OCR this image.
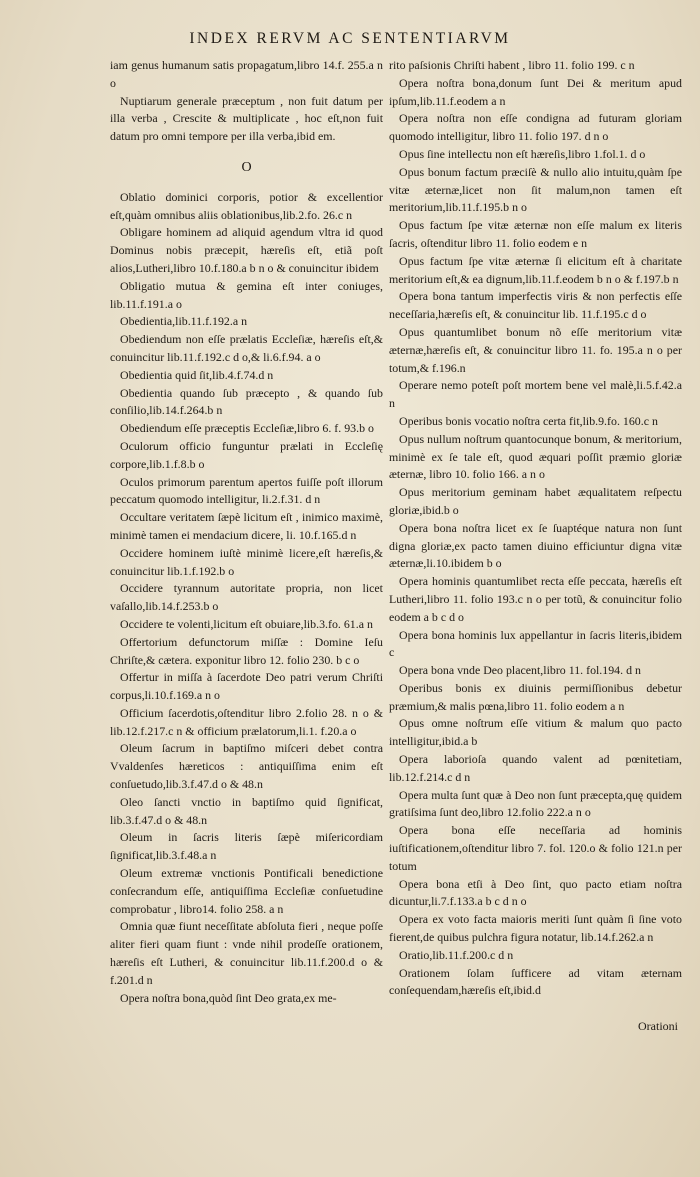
INDEX RERVM AC SENTENTIARVM

iam genus humanum satis propagatum,libro 14.f. 255.a n o

Nuptiarum generale præceptum , non fuit datum per illa verba , Crescite & multiplicate , hoc eſt,non fuit datum pro omni tempore per illa verba,ibid em.

O

Oblatio dominici corporis, potior & excellentior eſt,quàm omnibus aliis oblationibus,lib.2.fo. 26.c n

Obligare hominem ad aliquid agendum vltra id quod Dominus nobis præcepit, hæreſis eſt, etiã poſt alios,Lutheri,libro 10.f.180.a b n o & conuincitur ibidem

Obligatio mutua & gemina eſt inter coniuges, lib.11.f.191.a o

Obedientia,lib.11.f.192.a n

Obediendum non eſſe prælatis Eccleſiæ, hæreſis eſt,& conuincitur lib.11.f.192.c d o,& li.6.f.94. a o

Obedientia quid ſit,lib.4.f.74.d n

Obedientia quando ſub præcepto , & quando ſub conſilio,lib.14.f.264.b n

Obediendum eſſe præceptis Eccleſiæ,libro 6. f. 93.b o

Oculorum officio funguntur prælati in Eccleſię corpore,lib.1.f.8.b o

Oculos primorum parentum apertos fuiſſe poſt illorum peccatum quomodo intelligitur, li.2.f.31. d n

Occultare veritatem ſæpè licitum eſt , inimico maximè, minimè tamen ei mendacium dicere, li. 10.f.165.d n

Occidere hominem iuſtè minimè licere,eſt hæreſis,& conuincitur lib.1.f.192.b o

Occidere tyrannum autoritate propria, non licet vaſallo,lib.14.f.253.b o

Occidere te volenti,licitum eſt obuiare,lib.3.fo. 61.a n

Offertorium defunctorum miſſæ : Domine Ieſu Chriſte,& cætera. exponitur libro 12. folio 230. b c o

Offertur in miſſa à ſacerdote Deo patri verum Chriſti corpus,li.10.f.169.a n o

Officium ſacerdotis,oſtenditur libro 2.folio 28. n o & lib.12.f.217.c n & officium prælatorum,li.1. f.20.a o

Oleum ſacrum in baptiſmo miſceri debet contra Vvaldenſes hæreticos : antiquiſſima enim eſt conſuetudo,lib.3.f.47.d o & 48.n

Oleo ſancti vnctio in baptiſmo quid ſignificat, lib.3.f.47.d o & 48.n

Oleum in ſacris literis ſæpè miſericordiam ſignificat,lib.3.f.48.a n

Oleum extremæ vnctionis Pontificali benedictione conſecrandum eſſe, antiquiſſima Eccleſiæ conſuetudine comprobatur , libro14. folio 258. a n

Omnia quæ fiunt neceſſitate abſoluta fieri , neque poſſe aliter fieri quam fiunt : vnde nihil prodeſſe orationem, hæreſis eſt Lutheri, & conuincitur lib.11.f.200.d o & f.201.d n

Opera noſtra bona,quòd ſint Deo grata,ex me-

rito paſsionis Chriſti habent , libro 11. folio 199. c n

Opera noſtra bona,donum ſunt Dei & meritum apud ipſum,lib.11.f.eodem a n

Opera noſtra non eſſe condigna ad futuram gloriam quomodo intelligitur, libro 11. folio 197. d n o

Opus ſine intellectu non eſt hæreſis,libro 1.fol.1. d o

Opus bonum factum præciſè & nullo alio intuitu,quàm ſpe vitæ æternæ,licet non ſit malum,non tamen eſt meritorium,lib.11.f.195.b n o

Opus factum ſpe vitæ æternæ non eſſe malum ex literis ſacris, oſtenditur libro 11. folio eodem e n

Opus factum ſpe vitæ æternæ ſi elicitum eſt à charitate meritorium eſt,& ea dignum,lib.11.f.eodem b n o & f.197.b n

Opera bona tantum imperfectis viris & non perfectis eſſe neceſſaria,hæreſis eſt, & conuincitur lib. 11.f.195.c d o

Opus quantumlibet bonum nõ eſſe meritorium vitæ æternæ,hæreſis eſt, & conuincitur libro 11. fo. 195.a n o per totum,& f.196.n

Operare nemo poteſt poſt mortem bene vel malè,li.5.f.42.a n

Operibus bonis vocatio noſtra certa fit,lib.9.fo. 160.c n

Opus nullum noſtrum quantocunque bonum, & meritorium, minimè ex ſe tale eſt, quod æquari poſſit præmio gloriæ æternæ, libro 10. folio 166. a n o

Opus meritorium geminam habet æqualitatem reſpectu gloriæ,ibid.b o

Opera bona noſtra licet ex ſe ſuaptéque natura non ſunt digna gloriæ,ex pacto tamen diuino efficiuntur digna vitæ æternæ,li.10.ibidem b o

Opera hominis quantumlibet recta eſſe peccata, hæreſis eſt Lutheri,libro 11. folio 193.c n o per totũ, & conuincitur folio eodem a b c d o

Opera bona hominis lux appellantur in ſacris literis,ibidem c

Opera bona vnde Deo placent,libro 11. fol.194. d n

Operibus bonis ex diuinis permiſſionibus debetur præmium,& malis pœna,libro 11. folio eodem a n

Opus omne noſtrum eſſe vitium & malum quo pacto intelligitur,ibid.a b

Opera laborioſa quando valent ad pœnitetiam, lib.12.f.214.c d n

Opera multa ſunt quæ à Deo non ſunt præcepta,quę quidem gratiſsima ſunt deo,libro 12.folio 222.a n o

Opera bona eſſe neceſſaria ad hominis iuſtificationem,oſtenditur libro 7. fol. 120.o & folio 121.n per totum

Opera bona etſi à Deo ſint, quo pacto etiam noſtra dicuntur,li.7.f.133.a b c d n o

Opera ex voto facta maioris meriti ſunt quàm ſi ſine voto fierent,de quibus pulchra figura notatur, lib.14.f.262.a n

Oratio,lib.11.f.200.c d n

Orationem ſolam ſufficere ad vitam æternam conſequendam,hæreſis eſt,ibid.d

Orationi
